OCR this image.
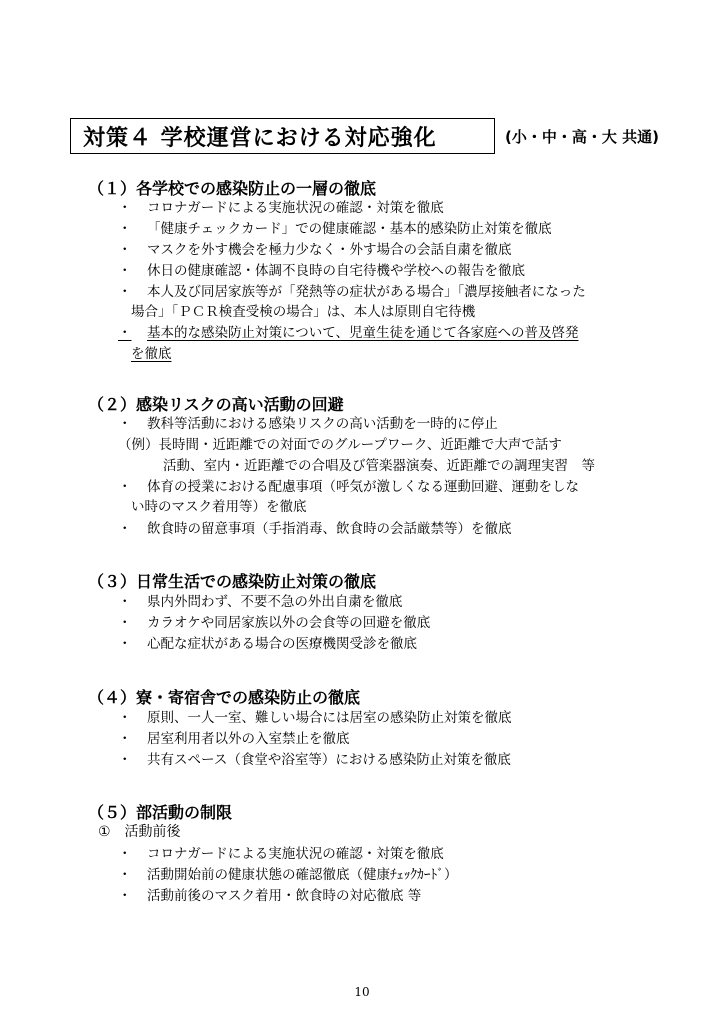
対策４ 学校運営における対応強化	(小・中・高・大 共通)
（１）各学校での感染防止の一層の徹底
・ コロナガードによる実施状況の確認・対策を徹底
・ 「健康チェックカード」での健康確認・基本的感染防止対策を徹底
・ マスクを外す機会を極力少なく・外す場合の会話自粛を徹底
・ 休日の健康確認・体調不良時の自宅待機や学校への報告を徹底
・ 本人及び同居家族等が「発熱等の症状がある場合」「濃厚接触者になった
場合」「ＰＣＲ検査受検の場合」は、本人は原則自宅待機
・	基本的な感染防止対策について、児童生徒を通じて各家庭への普及啓発
を徹底
（２）感染リスクの高い活動の回避
・ 教科等活動における感染リスクの高い活動を一時的に停止
（例）長時間・近距離での対面でのグループワーク、近距離で大声で話す
活動、室内・近距離での合唱及び管楽器演奏、近距離での調理実習　等
・ 体育の授業における配慮事項（呼気が激しくなる運動回避、運動をしな
い時のマスク着用等）を徹底
・ 飲食時の留意事項（手指消毒、飲食時の会話厳禁等）を徹底
（３）日常生活での感染防止対策の徹底
・ 県内外問わず、不要不急の外出自粛を徹底
・ カラオケや同居家族以外の会食等の回避を徹底
・ 心配な症状がある場合の医療機関受診を徹底
（４）寮・寄宿舎での感染防止の徹底
・ 原則、一人一室、難しい場合には居室の感染防止対策を徹底
・ 居室利用者以外の入室禁止を徹底
・ 共有スペース（食堂や浴室等）における感染防止対策を徹底
（５）部活動の制限
①　活動前後
・ コロナガードによる実施状況の確認・対策を徹底
・ 活動開始前の健康状態の確認徹底（健康ﾁｪｯｸｶｰﾄﾞ）
・ 活動前後のマスク着用・飲食時の対応徹底 等
10
